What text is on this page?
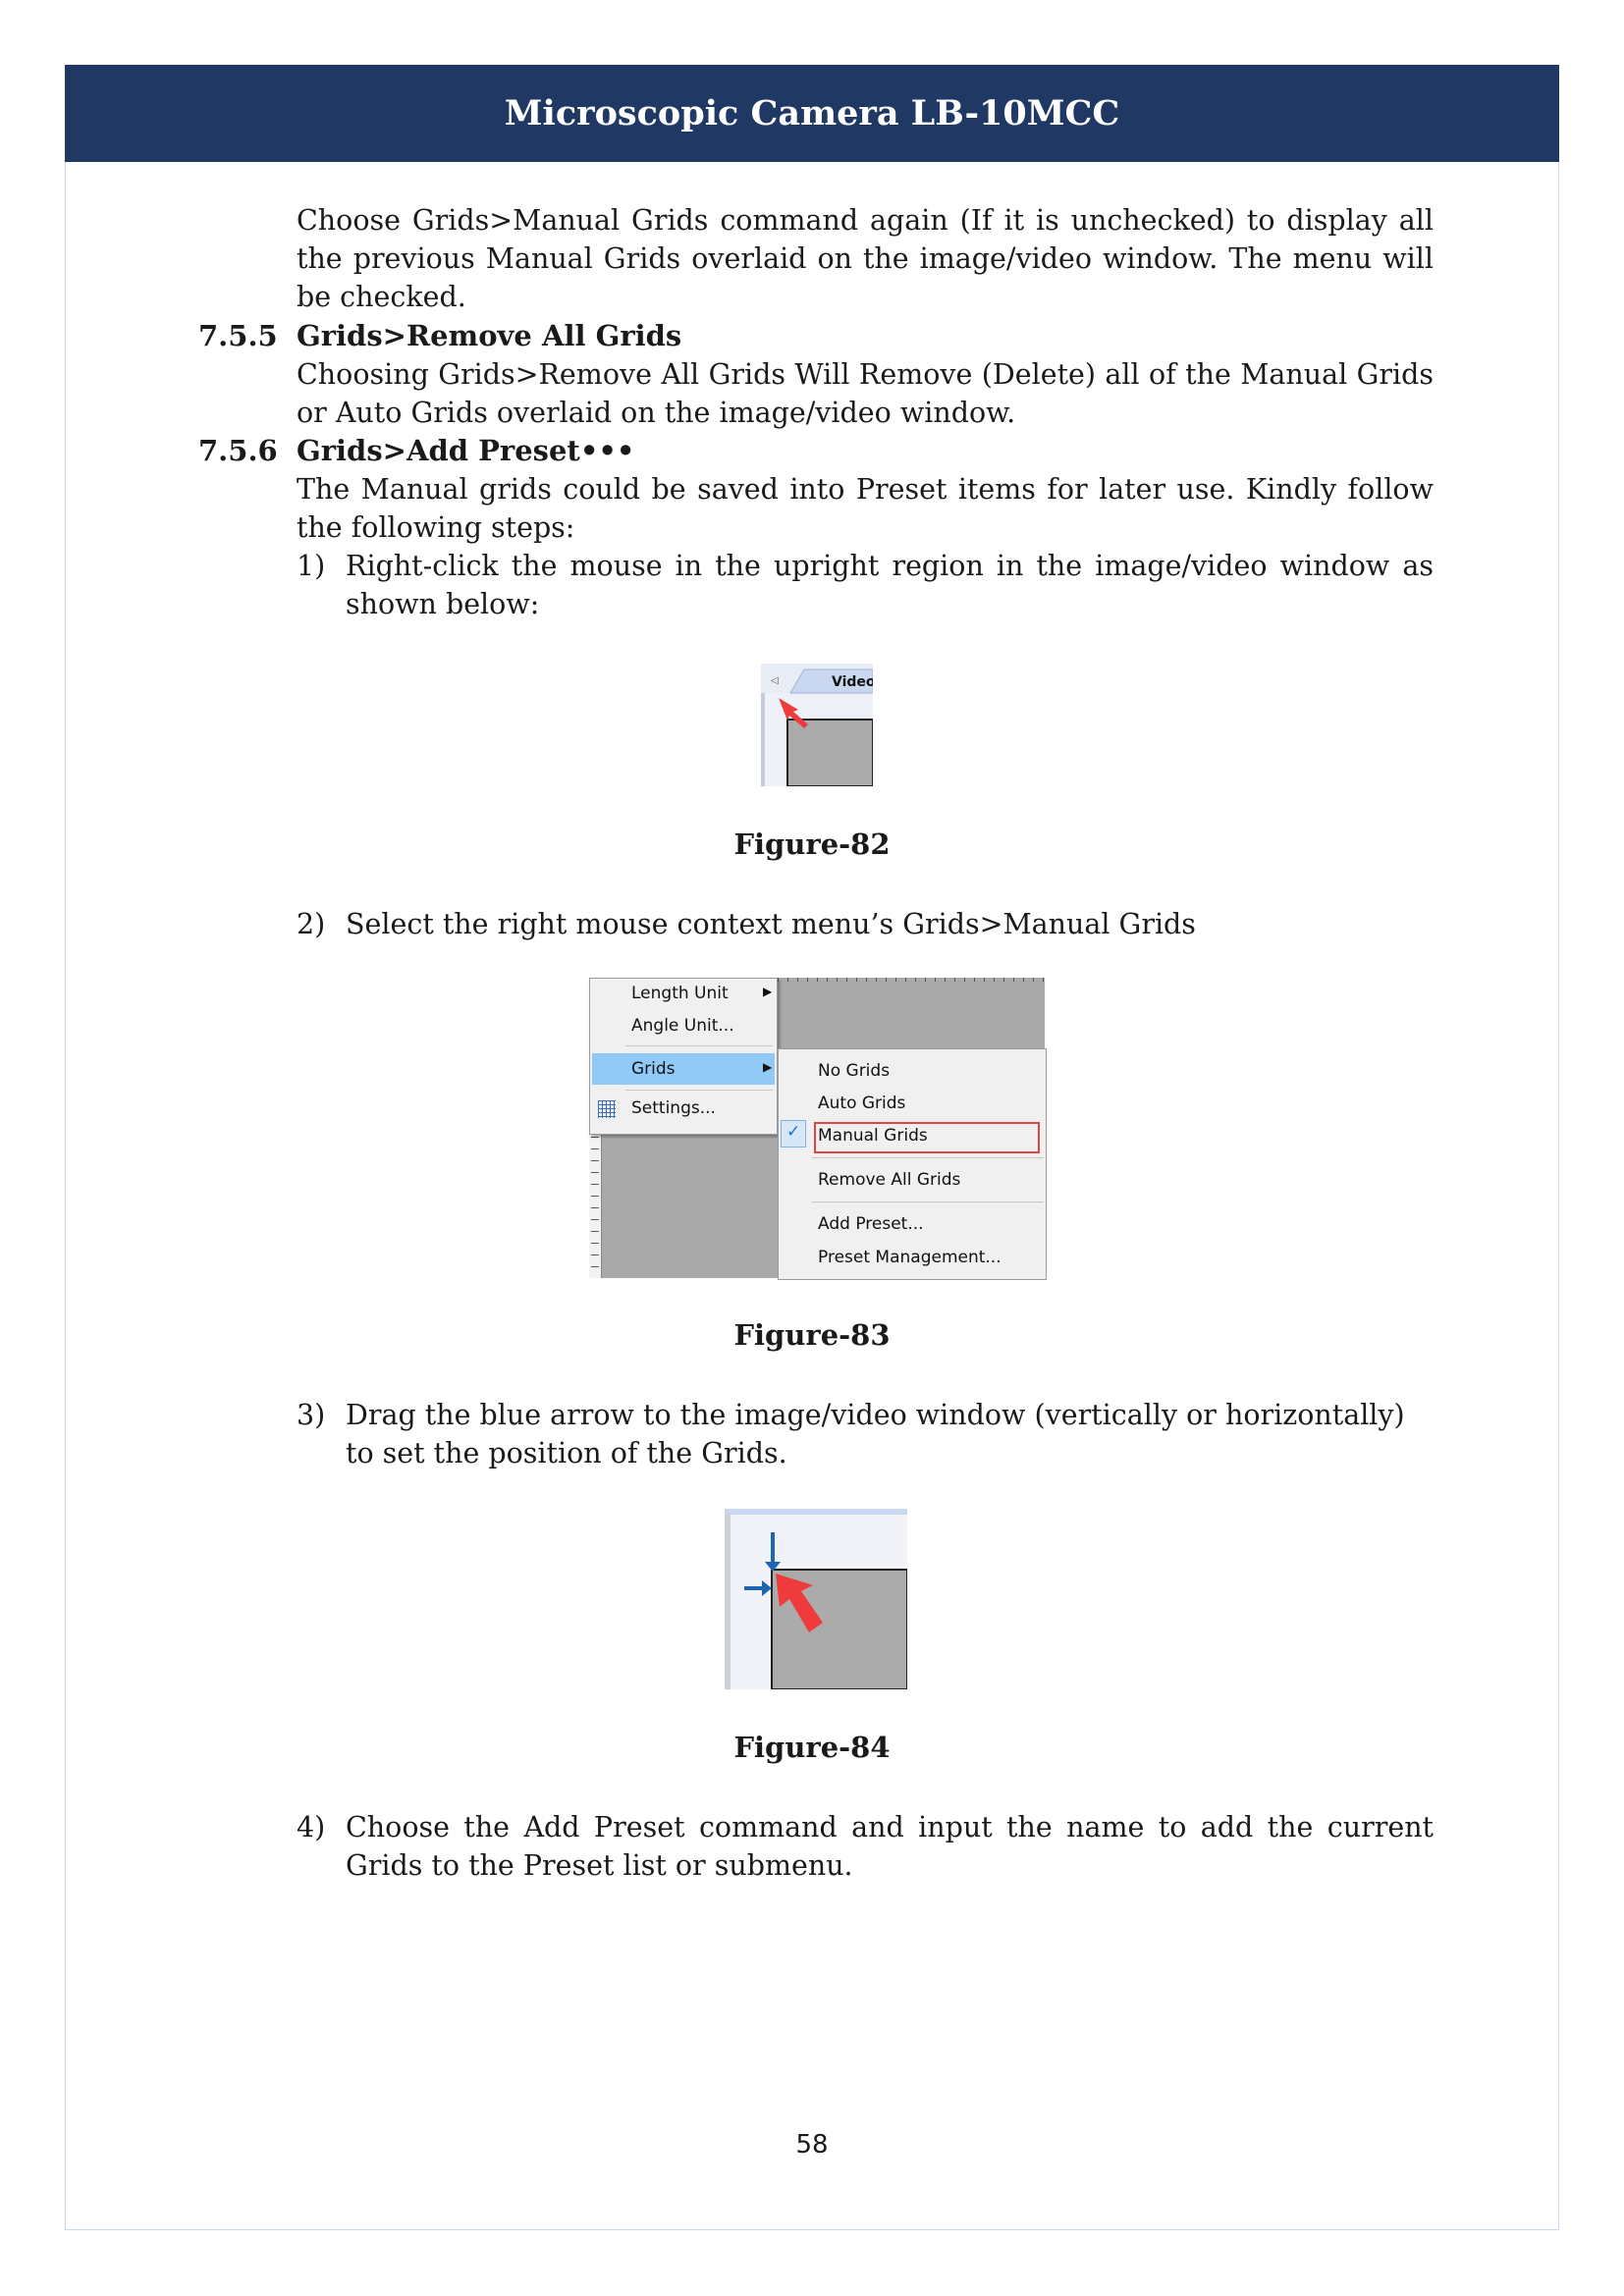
Microscopic Camera LB-10MCC
Choose Grids>Manual Grids command again (If it is unchecked) to display all the previous Manual Grids overlaid on the image/video window. The menu will be checked.
7.5.5 Grids>Remove All Grids
Choosing Grids>Remove All Grids Will Remove (Delete) all of the Manual Grids or Auto Grids overlaid on the image/video window.
7.5.6 Grids>Add Preset•••
The Manual grids could be saved into Preset items for later use. Kindly follow the following steps:
1) Right-click the mouse in the upright region in the image/video window as shown below:
◁	Video
Figure-82
2) Select the right mouse context menu’s Grids>Manual Grids
Length Unit	▶
Angle Unit...
Grids	▶
Settings...
No Grids
Auto Grids
✓ Manual Grids
Remove All Grids
Add Preset...
Preset Management...
Figure-83
3) Drag the blue arrow to the image/video window (vertically or horizontally) to set the position of the Grids.
Figure-84
4) Choose the Add Preset command and input the name to add the current Grids to the Preset list or submenu.
58
